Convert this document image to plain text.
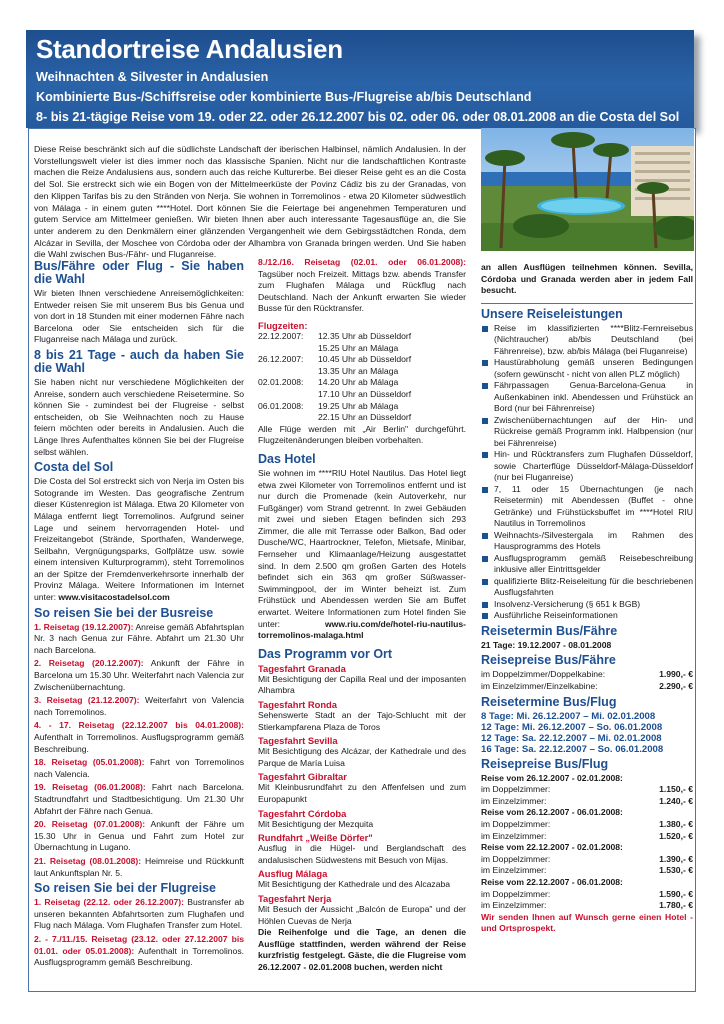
Standortreise Andalusien
Weihnachten & Silvester in Andalusien
Kombinierte Bus-/Schiffsreise oder kombinierte Bus-/Flugreise ab/bis Deutschland
8- bis 21-tägige Reise vom 19. oder 22. oder 26.12.2007 bis 02. oder 06. oder 08.01.2008 an die Costa del Sol
Diese Reise beschränkt sich auf die südlichste Landschaft der iberischen Halbinsel, nämlich Andalusien. In der Vorstellungswelt vieler ist dies immer noch das klassische Spanien. Nicht nur die landschaftlichen Kontraste machen die Reize Andalusiens aus, sondern auch das reiche Kulturerbe. Bei dieser Reise geht es an die Costa del Sol. Sie erstreckt sich wie ein Bogen von der Mittelmeerküste der Povinz Cádiz bis zu der Granadas, von den Klippen Tarifas bis zu den Stränden von Nerja. Sie wohnen in Torremolinos - etwa 20 Kilometer südwestlich von Málaga - in einem guten ****Hotel. Dort können Sie die Feiertage bei angenehmen Temperaturen und gutem Service am Mittelmeer genießen. Wir bieten Ihnen aber auch interessante Tagesausflüge an, die Sie unter anderem zu den Denkmälern einer glänzenden Vergangenheit wie dem Gebirgsstädtchen Ronda, dem Alcázar in Sevilla, der Moschee von Córdoba oder der Alhambra von Granada bringen werden. Und Sie haben die Wahl zwischen Bus-/Fähr- und Fluganreise.
Bus/Fähre oder Flug - Sie haben die Wahl

Wir bieten Ihnen verschiedene Anreisemöglichkeiten: Entweder reisen Sie mit unserem Bus bis Genua und von dort in 18 Stunden mit einer modernen Fähre nach Barcelona oder Sie entscheiden sich für die Fluganreise nach Málaga und zurück.

8 bis 21 Tage - auch da haben Sie die Wahl

Sie haben nicht nur verschiedene Möglichkeiten der Anreise, sondern auch verschiedene Reisetermine. So können Sie - zumindest bei der Flugreise - selbst entscheiden, ob Sie Weihnachten noch zu Hause feiern möchten oder bereits in Andalusien. Auch die Länge Ihres Aufenthaltes können Sie bei der Flugreise selbst wählen.

Costa del Sol

Die Costa del Sol erstreckt sich von Nerja im Osten bis Sotogrande im Westen. Das geografische Zentrum dieser Küstenregion ist Málaga. Etwa 20 Kilometer von Málaga entfernt liegt Torremolinos. Aufgrund seiner Lage und seinem hervorragenden Hotel- und Freizeitangebot (Strände, Sporthafen, Wanderwege, Seilbahn, Vergnügungsparks, Golfplätze usw. sowie einem intensiven Kulturprogramm), steht Torremolinos an der Spitze der Fremdenverkehrsorte innerhalb der Provinz Málaga. Weitere Informationen im Internet unter: www.visitacostadelsol.com

So reisen Sie bei der Busreise

1. Reisetag (19.12.2007): Anreise gemäß Abfahrtsplan Nr. 3 nach Genua zur Fähre. Abfahrt um 21.30 Uhr nach Barcelona.

2. Reisetag (20.12.2007): Ankunft der Fähre in Barcelona um 15.30 Uhr. Weiterfahrt nach Valencia zur Zwischenübernachtung.

3. Reisetag (21.12.2007): Weiterfahrt von Valencia nach Torremolinos.

4. - 17. Reisetag (22.12.2007 bis 04.01.2008): Aufenthalt in Torremolinos. Ausflugsprogramm gemäß Beschreibung.

18. Reisetag (05.01.2008): Fahrt von Torremolinos nach Valencia.

19. Reisetag (06.01.2008): Fahrt nach Barcelona. Stadtrundfahrt und Stadtbesichtigung. Um 21.30 Uhr Abfahrt der Fähre nach Genua.

20. Reisetag (07.01.2008): Ankunft der Fähre um 15.30 Uhr in Genua und Fahrt zum Hotel zur Übernachtung in Lugano.

21. Reisetag (08.01.2008): Heimreise und Rückkunft laut Ankunftsplan Nr. 5.

So reisen Sie bei der Flugreise

1. Reisetag (22.12. oder 26.12.2007): Bustransfer ab unseren bekannten Abfahrtsorten zum Flughafen und Flug nach Málaga. Vom Flughafen Transfer zum Hotel.

2. - 7./11./15. Reisetag (23.12. oder 27.12.2007 bis 01.01. oder 05.01.2008): Aufenthalt in Torremolinos. Ausflugsprogramm gemäß Beschreibung.

8./12./16. Reisetag (02.01. oder 06.01.2008): Tagsüber noch Freizeit. Mittags bzw. abends Transfer zum Flughafen Málaga und Rückflug nach Deutschland. Nach der Ankunft erwarten Sie wieder Busse für den Rücktransfer.

Flugzeiten:
22.12.2007:	12.35 Uhr ab Düsseldorf
15.25 Uhr an Málaga
26.12.2007:	10.45 Uhr ab Düsseldorf
13.35 Uhr an Málaga
02.01.2008:	14.20 Uhr ab Málaga
17.10 Uhr an Düsseldorf
06.01.2008:	19.25 Uhr ab Málaga
22.15 Uhr an Düsseldorf

Alle Flüge werden mit „Air Berlin" durchgeführt. Flugzeitenänderungen bleiben vorbehalten.

Das Hotel

Sie wohnen im ****RIU Hotel Nautilus. Das Hotel liegt etwa zwei Kilometer von Torremolinos entfernt und ist nur durch die Promenade (kein Autoverkehr, nur Fußgänger) vom Strand getrennt. In zwei Gebäuden mit zwei und sieben Etagen befinden sich 293 Zimmer, die alle mit Terrasse oder Balkon, Bad oder Dusche/WC, Haartrockner, Telefon, Mietsafe, Minibar, Fernseher und Klimaanlage/Heizung ausgestattet sind. In dem 2.500 qm großen Garten des Hotels befindet sich ein 363 qm großer Süßwasser-Swimmingpool, der im Winter beheizt ist. Zum Frühstück und Abendessen werden Sie am Buffet erwartet. Weitere Informationen zum Hotel finden Sie unter:	www.riu.com/de/hotel-riu-nautilus-torremolinos-malaga.html

Das Programm vor Ort
Tagesfahrt Granada

Mit Besichtigung der Capilla Real und der imposanten Alhambra

Tagesfahrt Ronda

Sehenswerte Stadt an der Tajo-Schlucht mit der Stierkampfarena Plaza de Toros

Tagesfahrt Sevilla

Mit Besichtigung des Alcázar, der Kathedrale und des Parque de María Luisa

Tagesfahrt Gibraltar

Mit Kleinbusrundfahrt zu den Affenfelsen und zum Europapunkt

Tagesfahrt Córdoba

Mit Besichtigung der Mezquita

Rundfahrt „Weiße Dörfer"

Ausflug in die Hügel- und Berglandschaft des andalusischen Südwestens mit Besuch von Mijas.

Ausflug Málaga

Mit Besichtigung der Kathedrale und des Alcazaba

Tagesfahrt Nerja

Mit Besuch der Aussicht „Balcón de Europa" und der Höhlen Cuevas de Nerja

Die Reihenfolge und die Tage, an denen die Ausflüge stattfinden, werden während der Reise kurzfristig festgelegt. Gäste, die die Flugreise vom 26.12.2007 - 02.01.2008 buchen, werden nicht

an allen Ausflügen teilnehmen können. Sevilla, Córdoba und Granada werden aber in jedem Fall besucht.

Unsere Reiseleistungen
Reise im klassifizierten ****Blitz-Fernreisebus (Nichtraucher) ab/bis Deutschland (bei Fährenreise), bzw. ab/bis Málaga (bei Fluganreise)
Haustürabholung gemäß unseren Bedingungen (sofern gewünscht - nicht von allen PLZ möglich)
Fährpassagen Genua-Barcelona-Genua in Außenkabinen inkl. Abendessen und Frühstück an Bord (nur bei Fährenreise)
Zwischenübernachtungen auf der Hin- und Rückreise gemäß Programm inkl. Halbpension (nur bei Fährenreise)
Hin- und Rücktransfers zum Flughafen Düsseldorf, sowie Charterflüge Düsseldorf-Málaga-Düsseldorf (nur bei Fluganreise)
7, 11 oder 15 Übernachtungen (je nach Reisetermin) mit Abendessen (Buffet - ohne Getränke) und Frühstücksbuffet im ****Hotel RIU Nautilus in Torremolinos
Weihnachts-/Silvestergala im Rahmen des Hausprogramms des Hotels
Ausflugsprogramm gemäß Reisebeschreibung inklusive aller Eintrittsgelder
qualifizierte Blitz-Reiseleitung für die beschriebenen Ausflugsfahrten
Insolvenz-Versicherung (§ 651 k BGB)
Ausführliche Reiseinformationen
Reisetermin Bus/Fähre
21 Tage: 19.12.2007 - 08.01.2008
Reisepreise Bus/Fähre
im Doppelzimmer/Doppelkabine:	1.990,- €
im Einzelzimmer/Einzelkabine:	2.290,- €
Reisetermine Bus/Flug
8 Tage: Mi. 26.12.2007 – Mi. 02.01.2008
12 Tage: Mi. 26.12.2007 – So. 06.01.2008
12 Tage: Sa. 22.12.2007 – Mi. 02.01.2008
16 Tage: Sa. 22.12.2007 – So. 06.01.2008
Reisepreise Bus/Flug
Reise vom 26.12.2007 - 02.01.2008:
im Doppelzimmer:	1.150,- €
im Einzelzimmer:	1.240,- €
Reise vom 26.12.2007 - 06.01.2008:
im Doppelzimmer:	1.380,- €
im Einzelzimmer:	1.520,- €
Reise vom 22.12.2007 - 02.01.2008:
im Doppelzimmer:	1.390,- €
im Einzelzimmer:	1.530,- €
Reise vom 22.12.2007 - 06.01.2008:
im Doppelzimmer:	1.590,- €
im Einzelzimmer:	1.780,- €

Wir senden Ihnen auf Wunsch gerne einen Hotel - und Ortsprospekt.
